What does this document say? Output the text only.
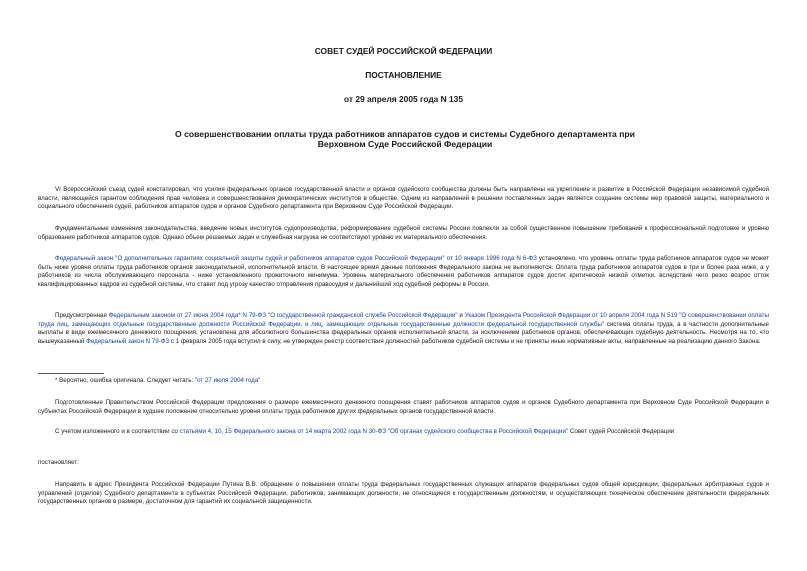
СОВЕТ СУДЕЙ РОССИЙСКОЙ ФЕДЕРАЦИИ
ПОСТАНОВЛЕНИЕ
от 29 апреля 2005 года N 135
О совершенствовании оплаты труда работников аппаратов судов и системы Судебного департамента при
Верховном Суде Российской Федерации

VI Всероссийский съезд судей констатировал, что усилия федеральных органов государственной власти и органов судейского сообщества должны быть направлены на укрепление и развитие в Российской Федерации независимой судебной власти, являющейся гарантом соблюдения прав человека и совершенствования демократических институтов в обществе. Одним из направлений в решении поставленных задач является создание системы мер правовой защиты, материального и социального обеспечения судей, работников аппаратов судов и органов Судебного департамента при Верховном Суде Российской Федерации.

Фундаментальные изменения законодательства, введение новых институтов судопроизводства, реформирование судебной системы России повлекли за собой существенное повышение требований к профессиональной подготовке и уровню образования работников аппаратов судов. Однако объем решаемых задач и служебная нагрузка не соответствуют уровню их материального обеспечения.

Федеральный закон "О дополнительных гарантиях социальной защиты судей и работников аппаратов судов Российской Федерации" от 10 января 1996 года N 6-ФЗ установлено, что уровень оплаты труда работников аппаратов судов не может быть ниже уровня оплаты труда работников органов законодательной, исполнительной власти. В настоящее время данные положения Федерального закона не выполняются. Оплата труда работников аппаратов судов в три и более раза ниже, а у работников из числа обслуживающего персонала - ниже установленного прожиточного минимума. Уровень материального обеспечения работников аппаратов судов достиг критической низкой отметки, вследствие чего резко возрос отток квалифицированных кадров из судебной системы, что ставит под угрозу качество отправления правосудия и дальнейший ход судебной реформы в России.

Предусмотренная Федеральным законом от 27 июня 2004 года* N 79-ФЗ "О государственной гражданской службе Российской Федерации" и Указом Президента Российской Федерации от 10 апреля 2004 года N 519 "О совершенствовании оплаты труда лиц, замещающих отдельные государственные должности Российской Федерации, и лиц, замещающих отдельные государственные должности федеральной государственной службы" система оплаты труда, а в частности дополнительные выплаты в виде ежемесячного денежного поощрения, установлена для абсолютного большинства федеральных органов исполнительной власти, за исключением работников органов, обеспечивающих судебную деятельность. Несмотря на то, что вышеуказанный Федеральный закон N 79-ФЗ с 1 февраля 2005 года вступил в силу, не утвержден реестр соответствия должностей работников судебной системы и не приняты иные нормативные акты, направленные на реализацию данного Закона.

* Вероятно, ошибка оригинала. Следует читать: "от 27 июля 2004 года"

Подготовленные Правительством Российской Федерации предложения о размере ежемесячного денежного поощрения ставят работников аппаратов судов и органов Судебного департамента при Верховном Суде Российской Федерации в субъектах Российской Федерации в худшее положение относительно уровня оплаты труда работников других федеральных органов государственной власти.

С учетом изложенного и в соответствии со статьями 4, 10, 15 Федерального закона от 14 марта 2002 года N 30-ФЗ "Об органах судейского сообщества в Российской Федерации" Совет судей Российской Федерации

постановляет:

Направить в адрес Президента Российской Федерации Путина В.В. обращение о повышении оплаты труда федеральных государственных служащих аппаратов федеральных судов общей юрисдикции, федеральных арбитражных судов и управлений (отделов) Судебного департамента в субъектах Российской Федерации, работников, занимающих должности, не относящиеся к государственным должностям, и осуществляющих техническое обеспечение деятельности федеральных государственных органов в размере, достаточном для гарантий их социальной защищенности.
